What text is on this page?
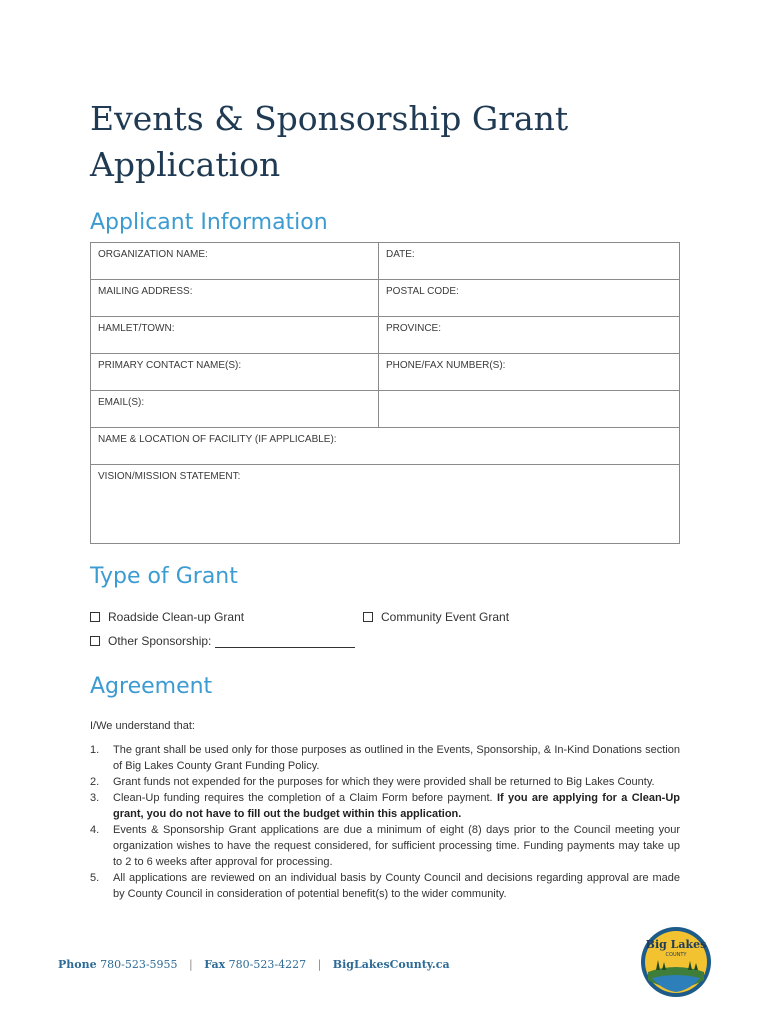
Events & Sponsorship Grant Application
Applicant Information
ORGANIZATION NAME:	DATE:
MAILING ADDRESS:	POSTAL CODE:
HAMLET/TOWN:	PROVINCE:
PRIMARY CONTACT NAME(S):	PHONE/FAX NUMBER(S):
EMAIL(S):	
NAME & LOCATION OF FACILITY (IF APPLICABLE):	
VISION/MISSION STATEMENT:	
Type of Grant
Roadside Clean-up Grant	Community Event Grant
Other Sponsorship:
Agreement

I/We understand that:

1. The grant shall be used only for those purposes as outlined in the Events, Sponsorship, & In-Kind Donations section of Big Lakes County Grant Funding Policy.
2. Grant funds not expended for the purposes for which they were provided shall be returned to Big Lakes County.
3. Clean-Up funding requires the completion of a Claim Form before payment. If you are applying for a Clean-Up grant, you do not have to fill out the budget within this application.
4. Events & Sponsorship Grant applications are due a minimum of eight (8) days prior to the Council meeting your organization wishes to have the request considered, for sufficient processing time. Funding payments may take up to 2 to 6 weeks after approval for processing.
5. All applications are reviewed on an individual basis by County Council and decisions regarding approval are made by County Council in consideration of potential benefit(s) to the wider community.
Phone 780-523-5955 | Fax 780-523-4227 | BigLakesCounty.ca
Big Lakes
COUNTY
